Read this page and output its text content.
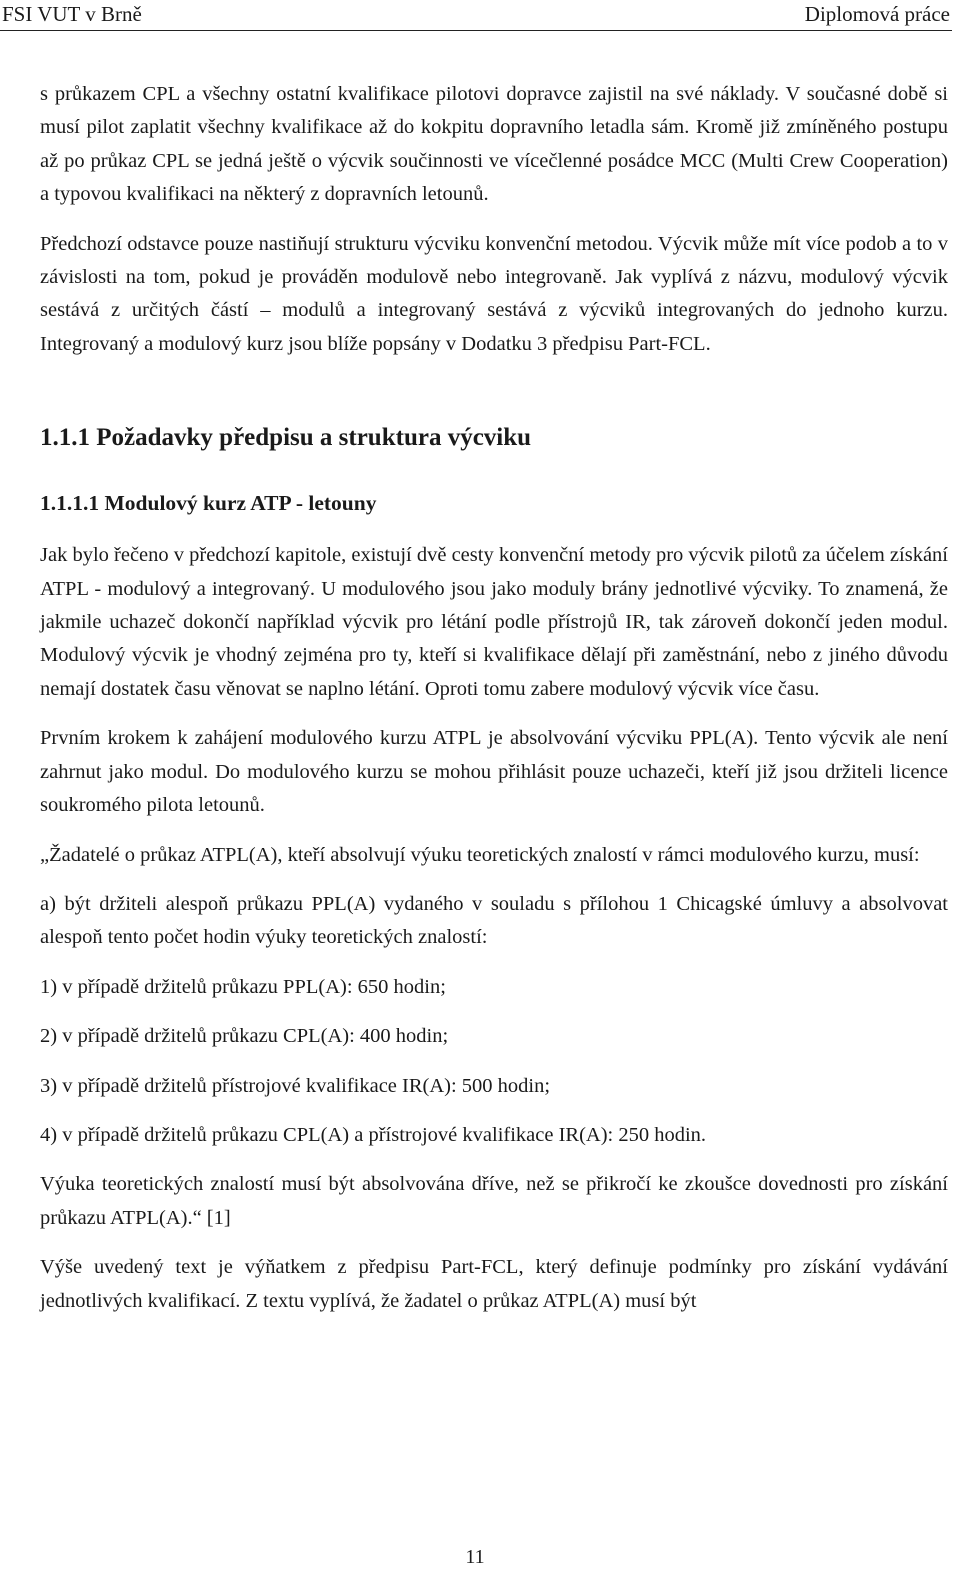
FSI VUT v Brně	Diplomová práce

s průkazem CPL a všechny ostatní kvalifikace pilotovi dopravce zajistil na své náklady. V současné době si musí pilot zaplatit všechny kvalifikace až do kokpitu dopravního letadla sám. Kromě již zmíněného postupu až po průkaz CPL se jedná ještě o výcvik součinnosti ve vícečlenné posádce MCC (Multi Crew Cooperation) a typovou kvalifikaci na některý z dopravních letounů.

Předchozí odstavce pouze nastiňují strukturu výcviku konvenční metodou. Výcvik může mít více podob a to v závislosti na tom, pokud je prováděn modulově nebo integrovaně. Jak vyplívá z názvu, modulový výcvik sestává z určitých částí – modulů a integrovaný sestává z výcviků integrovaných do jednoho kurzu. Integrovaný a modulový kurz jsou blíže popsány v Dodatku 3 předpisu Part-FCL.

1.1.1 Požadavky předpisu a struktura výcviku
1.1.1.1 Modulový kurz ATP - letouny

Jak bylo řečeno v předchozí kapitole, existují dvě cesty konvenční metody pro výcvik pilotů za účelem získání ATPL - modulový a integrovaný. U modulového jsou jako moduly brány jednotlivé výcviky. To znamená, že jakmile uchazeč dokončí například výcvik pro létání podle přístrojů IR, tak zároveň dokončí jeden modul. Modulový výcvik je vhodný zejména pro ty, kteří si kvalifikace dělají při zaměstnání, nebo z jiného důvodu nemají dostatek času věnovat se naplno létání. Oproti tomu zabere modulový výcvik více času.

Prvním krokem k zahájení modulového kurzu ATPL je absolvování výcviku PPL(A). Tento výcvik ale není zahrnut jako modul. Do modulového kurzu se mohou přihlásit pouze uchazeči, kteří již jsou držiteli licence soukromého pilota letounů.

„Žadatelé o průkaz ATPL(A), kteří absolvují výuku teoretických znalostí v rámci modulového kurzu, musí:

a) být držiteli alespoň průkazu PPL(A) vydaného v souladu s přílohou 1 Chicagské úmluvy a absolvovat alespoň tento počet hodin výuky teoretických znalostí:

1) v případě držitelů průkazu PPL(A): 650 hodin;

2) v případě držitelů průkazu CPL(A): 400 hodin;

3) v případě držitelů přístrojové kvalifikace IR(A): 500 hodin;

4) v případě držitelů průkazu CPL(A) a přístrojové kvalifikace IR(A): 250 hodin.

Výuka teoretických znalostí musí být absolvována dříve, než se přikročí ke zkoušce dovednosti pro získání průkazu ATPL(A).“ [1]

Výše uvedený text je výňatkem z předpisu Part-FCL, který definuje podmínky pro získání vydávání jednotlivých kvalifikací. Z textu vyplívá, že žadatel o průkaz ATPL(A) musí být

11
